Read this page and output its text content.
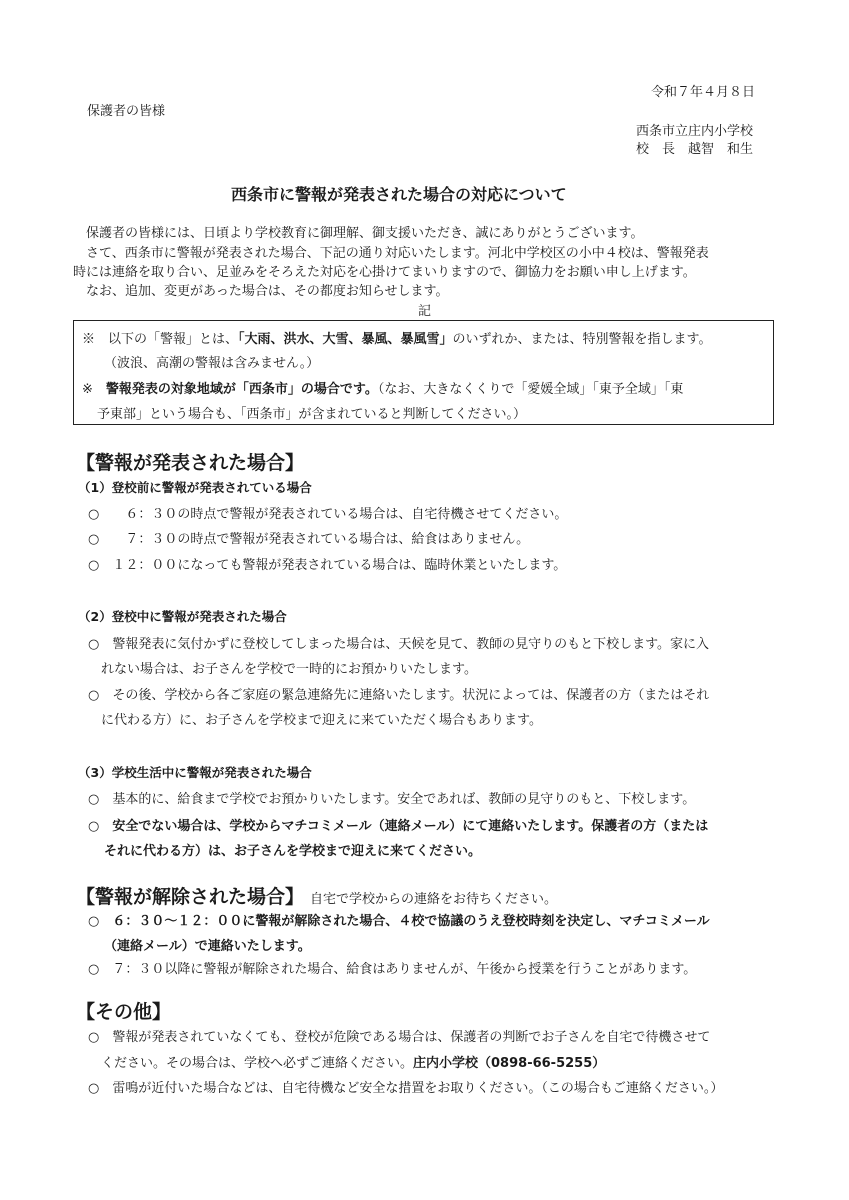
令和７年４月８日
保護者の皆様
西条市立庄内小学校
校　長　越智　和生
西条市に警報が発表された場合の対応について
保護者の皆様には、日頃より学校教育に御理解、御支援いただき、誠にありがとうございます。
さて、西条市に警報が発表された場合、下記の通り対応いたします。河北中学校区の小中４校は、警報発表
時には連絡を取り合い、足並みをそろえた対応を心掛けてまいりますので、御協力をお願い申し上げます。
なお、追加、変更があった場合は、その都度お知らせします。
記
※　以下の「警報」とは、「大雨、洪水、大雪、暴風、暴風雪」のいずれか、または、特別警報を指します。
（波浪、高潮の警報は含みません。）
※　警報発表の対象地域が「西条市」の場合です。（なお、大きなくくりで「愛媛全域」「東予全域」「東
予東部」という場合も、「西条市」が含まれていると判断してください。）
【警報が発表された場合】
（1）登校前に警報が発表されている場合
○　　６：３０の時点で警報が発表されている場合は、自宅待機させてください。
○　　７：３０の時点で警報が発表されている場合は、給食はありません。
○　１２：００になっても警報が発表されている場合は、臨時休業といたします。
（2）登校中に警報が発表された場合
○　警報発表に気付かずに登校してしまった場合は、天候を見て、教師の見守りのもと下校します。家に入
れない場合は、お子さんを学校で一時的にお預かりいたします。
○　その後、学校から各ご家庭の緊急連絡先に連絡いたします。状況によっては、保護者の方（またはそれ
に代わる方）に、お子さんを学校まで迎えに来ていただく場合もあります。
（3）学校生活中に警報が発表された場合
○　基本的に、給食まで学校でお預かりいたします。安全であれば、教師の見守りのもと、下校します。
○　安全でない場合は、学校からマチコミメール（連絡メール）にて連絡いたします。保護者の方（または
それに代わる方）は、お子さんを学校まで迎えに来てください。
【警報が解除された場合】 自宅で学校からの連絡をお待ちください。
○　６：３０～１２：００に警報が解除された場合、４校で協議のうえ登校時刻を決定し、マチコミメール
（連絡メール）で連絡いたします。
○　７：３０以降に警報が解除された場合、給食はありませんが、午後から授業を行うことがあります。
【その他】
○　警報が発表されていなくても、登校が危険である場合は、保護者の判断でお子さんを自宅で待機させて
ください。その場合は、学校へ必ずご連絡ください。庄内小学校（0898-66-5255）
○　雷鳴が近付いた場合などは、自宅待機など安全な措置をお取りください。（この場合もご連絡ください。）
